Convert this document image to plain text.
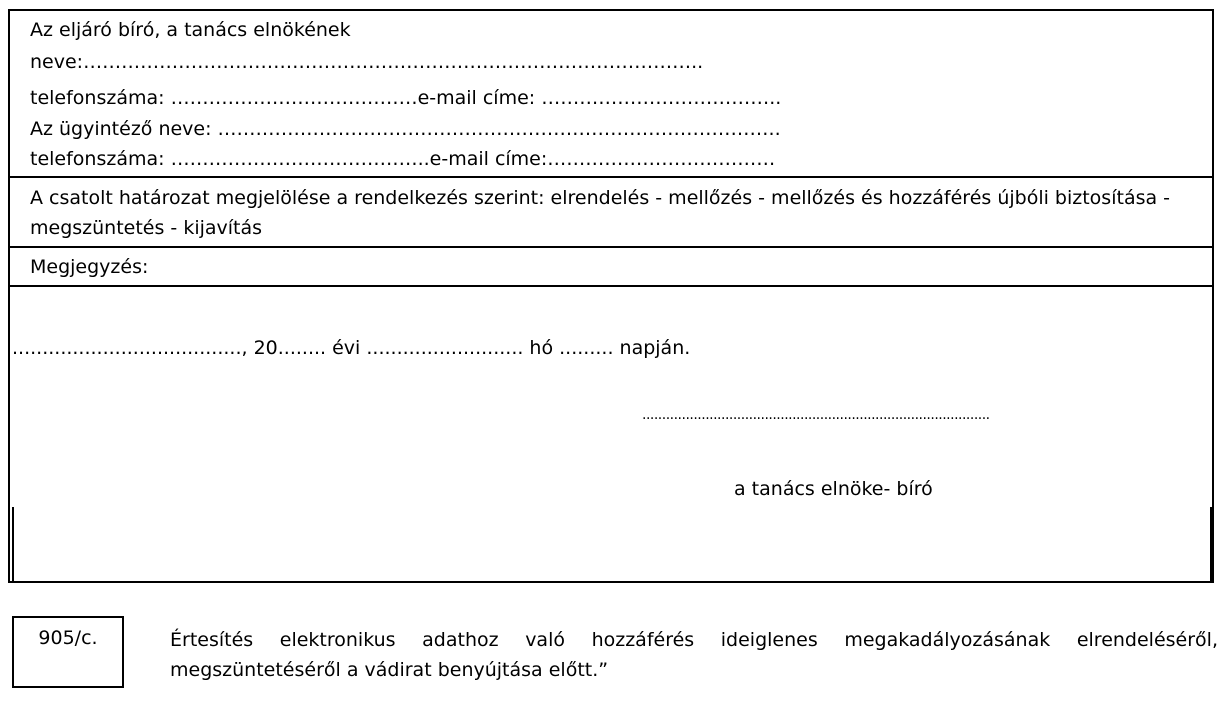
Az eljáró bíró, a tanács elnökének
neve:……………………………………………………………………………………..
telefonszáma: …………………………………e-mail címe: ………………………………..
Az ügyintéző neve: ……………………………………………………………………………..
telefonszáma: …………………………………..e-mail címe:………………………………
A csatolt határozat megjelölése a rendelkezés szerint: elrendelés - mellőzés - mellőzés és hozzáférés újbóli biztosítása - megszüntetés - kijavítás
Megjegyzés:
......................................, 20........ évi .......................... hó ......... napján.
........................................................................................
a tanács elnöke- bíró
905/c.	Értesítés elektronikus adathoz való hozzáférés ideiglenes megakadályozásának elrendeléséről, megszüntetéséről a vádirat benyújtása előtt.”
